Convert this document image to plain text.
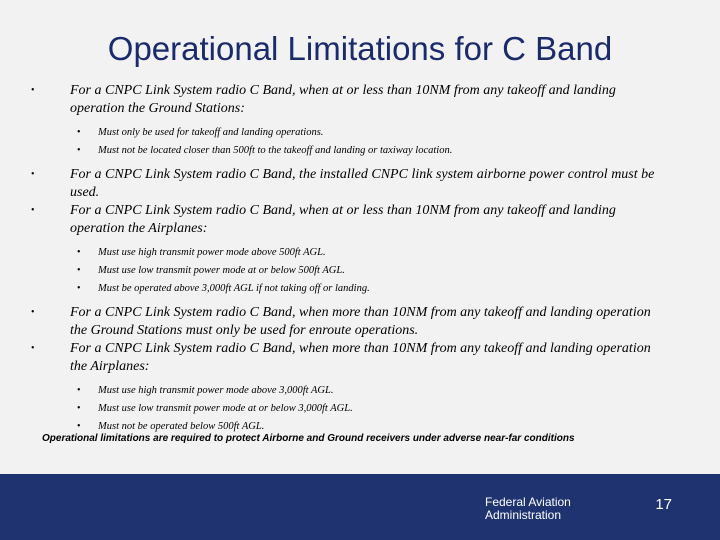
Operational Limitations for C Band

•	For a CNPC Link System radio C Band, when at or less than 10NM from any takeoff and landing operation the Ground Stations:

• Must only be used for takeoff and landing operations.

• Must not be located closer than 500ft to the takeoff and landing or taxiway location.

•	For a CNPC Link System radio C Band, the installed CNPC link system airborne power control must be used.

•	For a CNPC Link System radio C Band, when at or less than 10NM from any takeoff and landing operation the Airplanes:

• Must use high transmit power mode above 500ft AGL.

• Must use low transmit power mode at or below 500ft AGL.

• Must be operated above 3,000ft AGL if not taking off or landing.

•	For a CNPC Link System radio C Band, when more than 10NM from any takeoff and landing operation the Ground Stations must only be used for enroute operations.

•	For a CNPC Link System radio C Band, when more than 10NM from any takeoff and landing operation the Airplanes:

• Must use high transmit power mode above 3,000ft AGL.

• Must use low transmit power mode at or below 3,000ft AGL.

• Must not be operated below 500ft AGL.

Operational limitations are required to protect Airborne and Ground receivers under adverse near-far conditions

Federal Aviation
Administration
17
